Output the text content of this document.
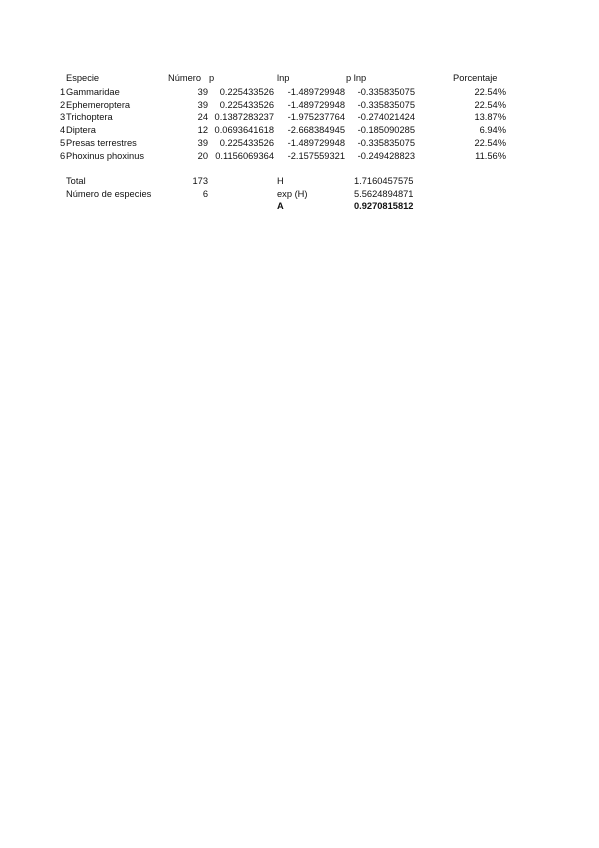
Especie	Número p	lnp	p lnp	Porcentaje
1 Gammaridae	39 0.225433526 -1.489729948 -0.335835075	22.54%
2 Ephemeroptera	39 0.225433526 -1.489729948 -0.335835075	22.54%
3 Trichoptera	24 0.1387283237 -1.975237764 -0.274021424	13.87%
4 Diptera	12 0.0693641618 -2.668384945 -0.185090285	6.94%
5 Presas terrestres	39 0.225433526 -1.489729948 -0.335835075	22.54%
6 Phoxinus phoxinus	20 0.1156069364 -2.157559321 -0.249428823	11.56%
Total	173	H	1.7160457575
Número de especies	6	exp (H)	5.5624894871
A	0.9270815812
